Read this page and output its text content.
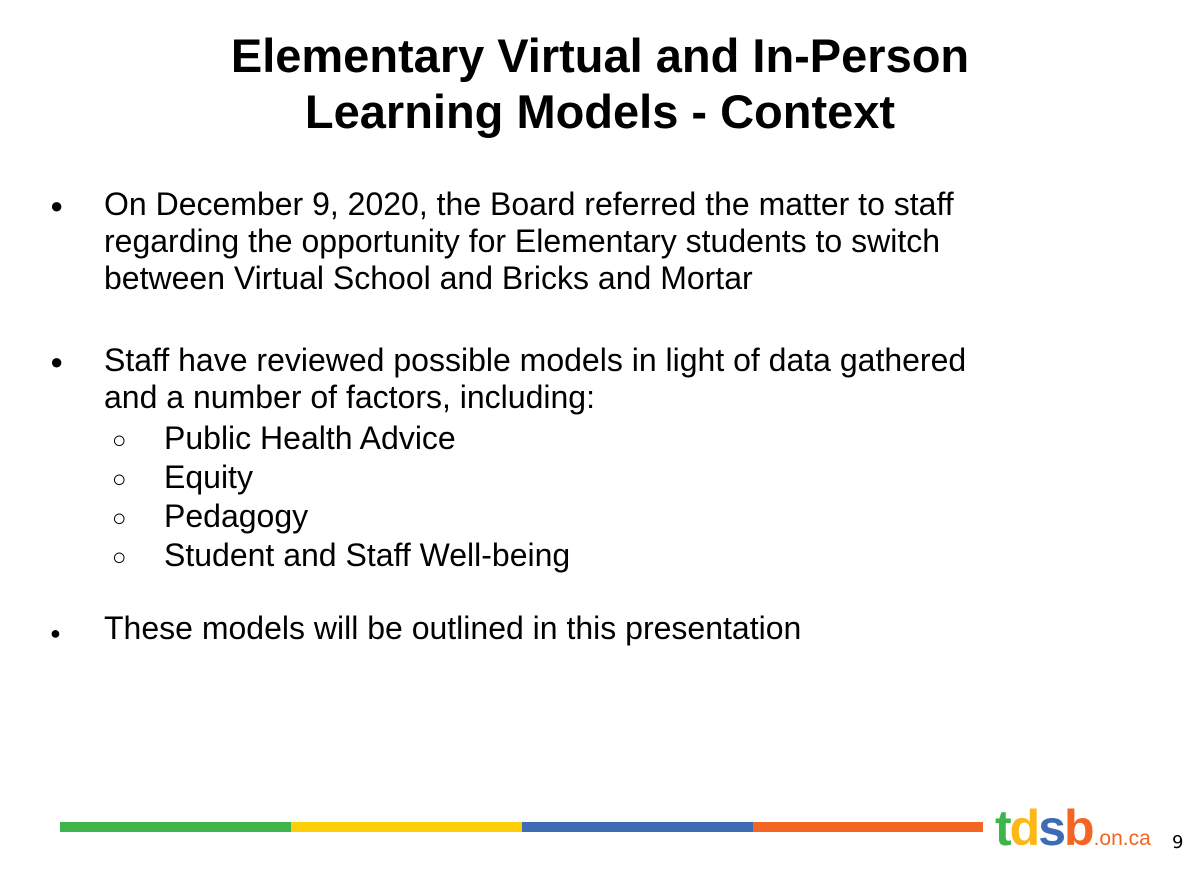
Elementary Virtual and In-Person
Learning Models - Context
● On December 9, 2020, the Board referred the matter to staff
regarding the opportunity for Elementary students to switch
between Virtual School and Bricks and Mortar
● Staff have reviewed possible models in light of data gathered
and a number of factors, including:
○ Public Health Advice
○ Equity
○ Pedagogy
○ Student and Staff Well-being
● These models will be outlined in this presentation
tdsb.on.ca 9
